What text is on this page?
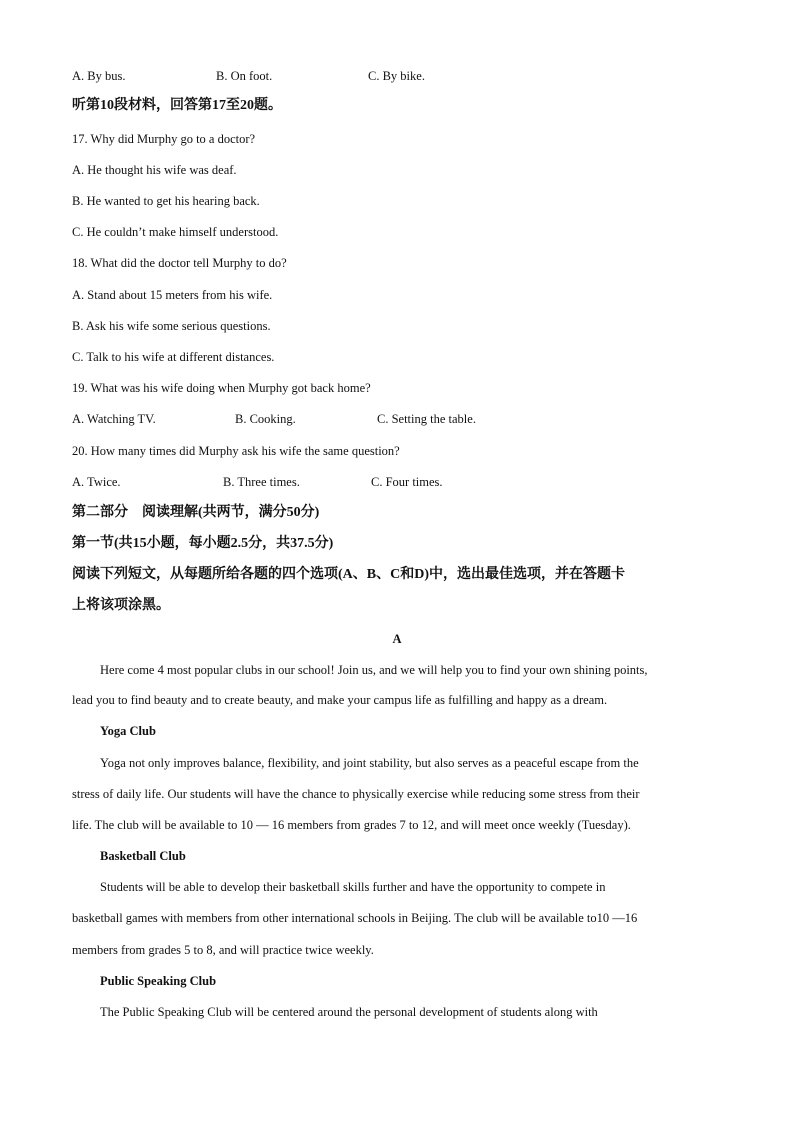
A. By bus.	B. On foot.	C. By bike.
听第10段材料，回答第17至20题。
17. Why did Murphy go to a doctor?
A. He thought his wife was deaf.
B. He wanted to get his hearing back.
C. He couldn’t make himself understood.
18. What did the doctor tell Murphy to do?
A. Stand about 15 meters from his wife.
B. Ask his wife some serious questions.
C. Talk to his wife at different distances.
19. What was his wife doing when Murphy got back home?
A. Watching TV.	B. Cooking.	C. Setting the table.
20. How many times did Murphy ask his wife the same question?
A. Twice.	B. Three times.	C. Four times.
第二部分　阅读理解(共两节，满分50分)
第一节(共15小题，每小题2.5分，共37.5分)
阅读下列短文，从每题所给各题的四个选项(A、B、C和D)中，选出最佳选项，并在答题卡
上将该项涂黑。
A
Here come 4 most popular clubs in our school! Join us, and we will help you to find your own shining points,
lead you to find beauty and to create beauty, and make your campus life as fulfilling and happy as a dream.
Yoga Club
Yoga not only improves balance, flexibility, and joint stability, but also serves as a peaceful escape from the
stress of daily life. Our students will have the chance to physically exercise while reducing some stress from their
life. The club will be available to 10 — 16 members from grades 7 to 12, and will meet once weekly (Tuesday).
Basketball Club
Students will be able to develop their basketball skills further and have the opportunity to compete in
basketball games with members from other international schools in Beijing. The club will be available to10 —16
members from grades 5 to 8, and will practice twice weekly.
Public Speaking Club
The Public Speaking Club will be centered around the personal development of students along with
